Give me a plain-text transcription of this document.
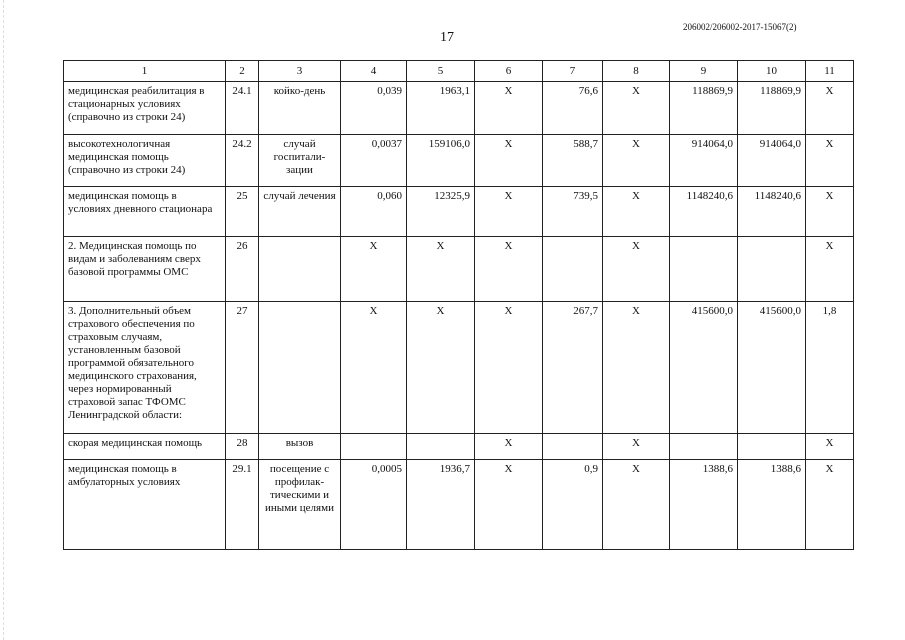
17
206002/206002-2017-15067(2)
1	2	3	4	5	6	7	8	9	10	11
медицинская реабилитация в стационарных условиях (справочно из строки 24)	24.1	койко-день	0,039	1963,1	X	76,6	X	118869,9	118869,9	X
высокотехнологичная медицинская помощь (справочно из строки 24)	24.2	случай госпитали-зации	0,0037	159106,0	X	588,7	X	914064,0	914064,0	X
медицинская помощь в условиях дневного стационара	25	случай лечения	0,060	12325,9	X	739,5	X	1148240,6	1148240,6	X
2. Медицинская помощь по видам и заболеваниям сверх базовой программы ОМС	26		X	X	X		X			X
3. Дополнительный объем страхового обеспечения по страховым случаям, установленным базовой программой обязательного медицинского страхования, через нормированный страховой запас ТФОМС Ленинградской области:	27		X	X	X	267,7	X	415600,0	415600,0	1,8
скорая медицинская помощь	28	вызов			X		X			X
медицинская помощь в амбулаторных условиях	29.1	посещение с профилак-тическими и иными целями	0,0005	1936,7	X	0,9	X	1388,6	1388,6	X
